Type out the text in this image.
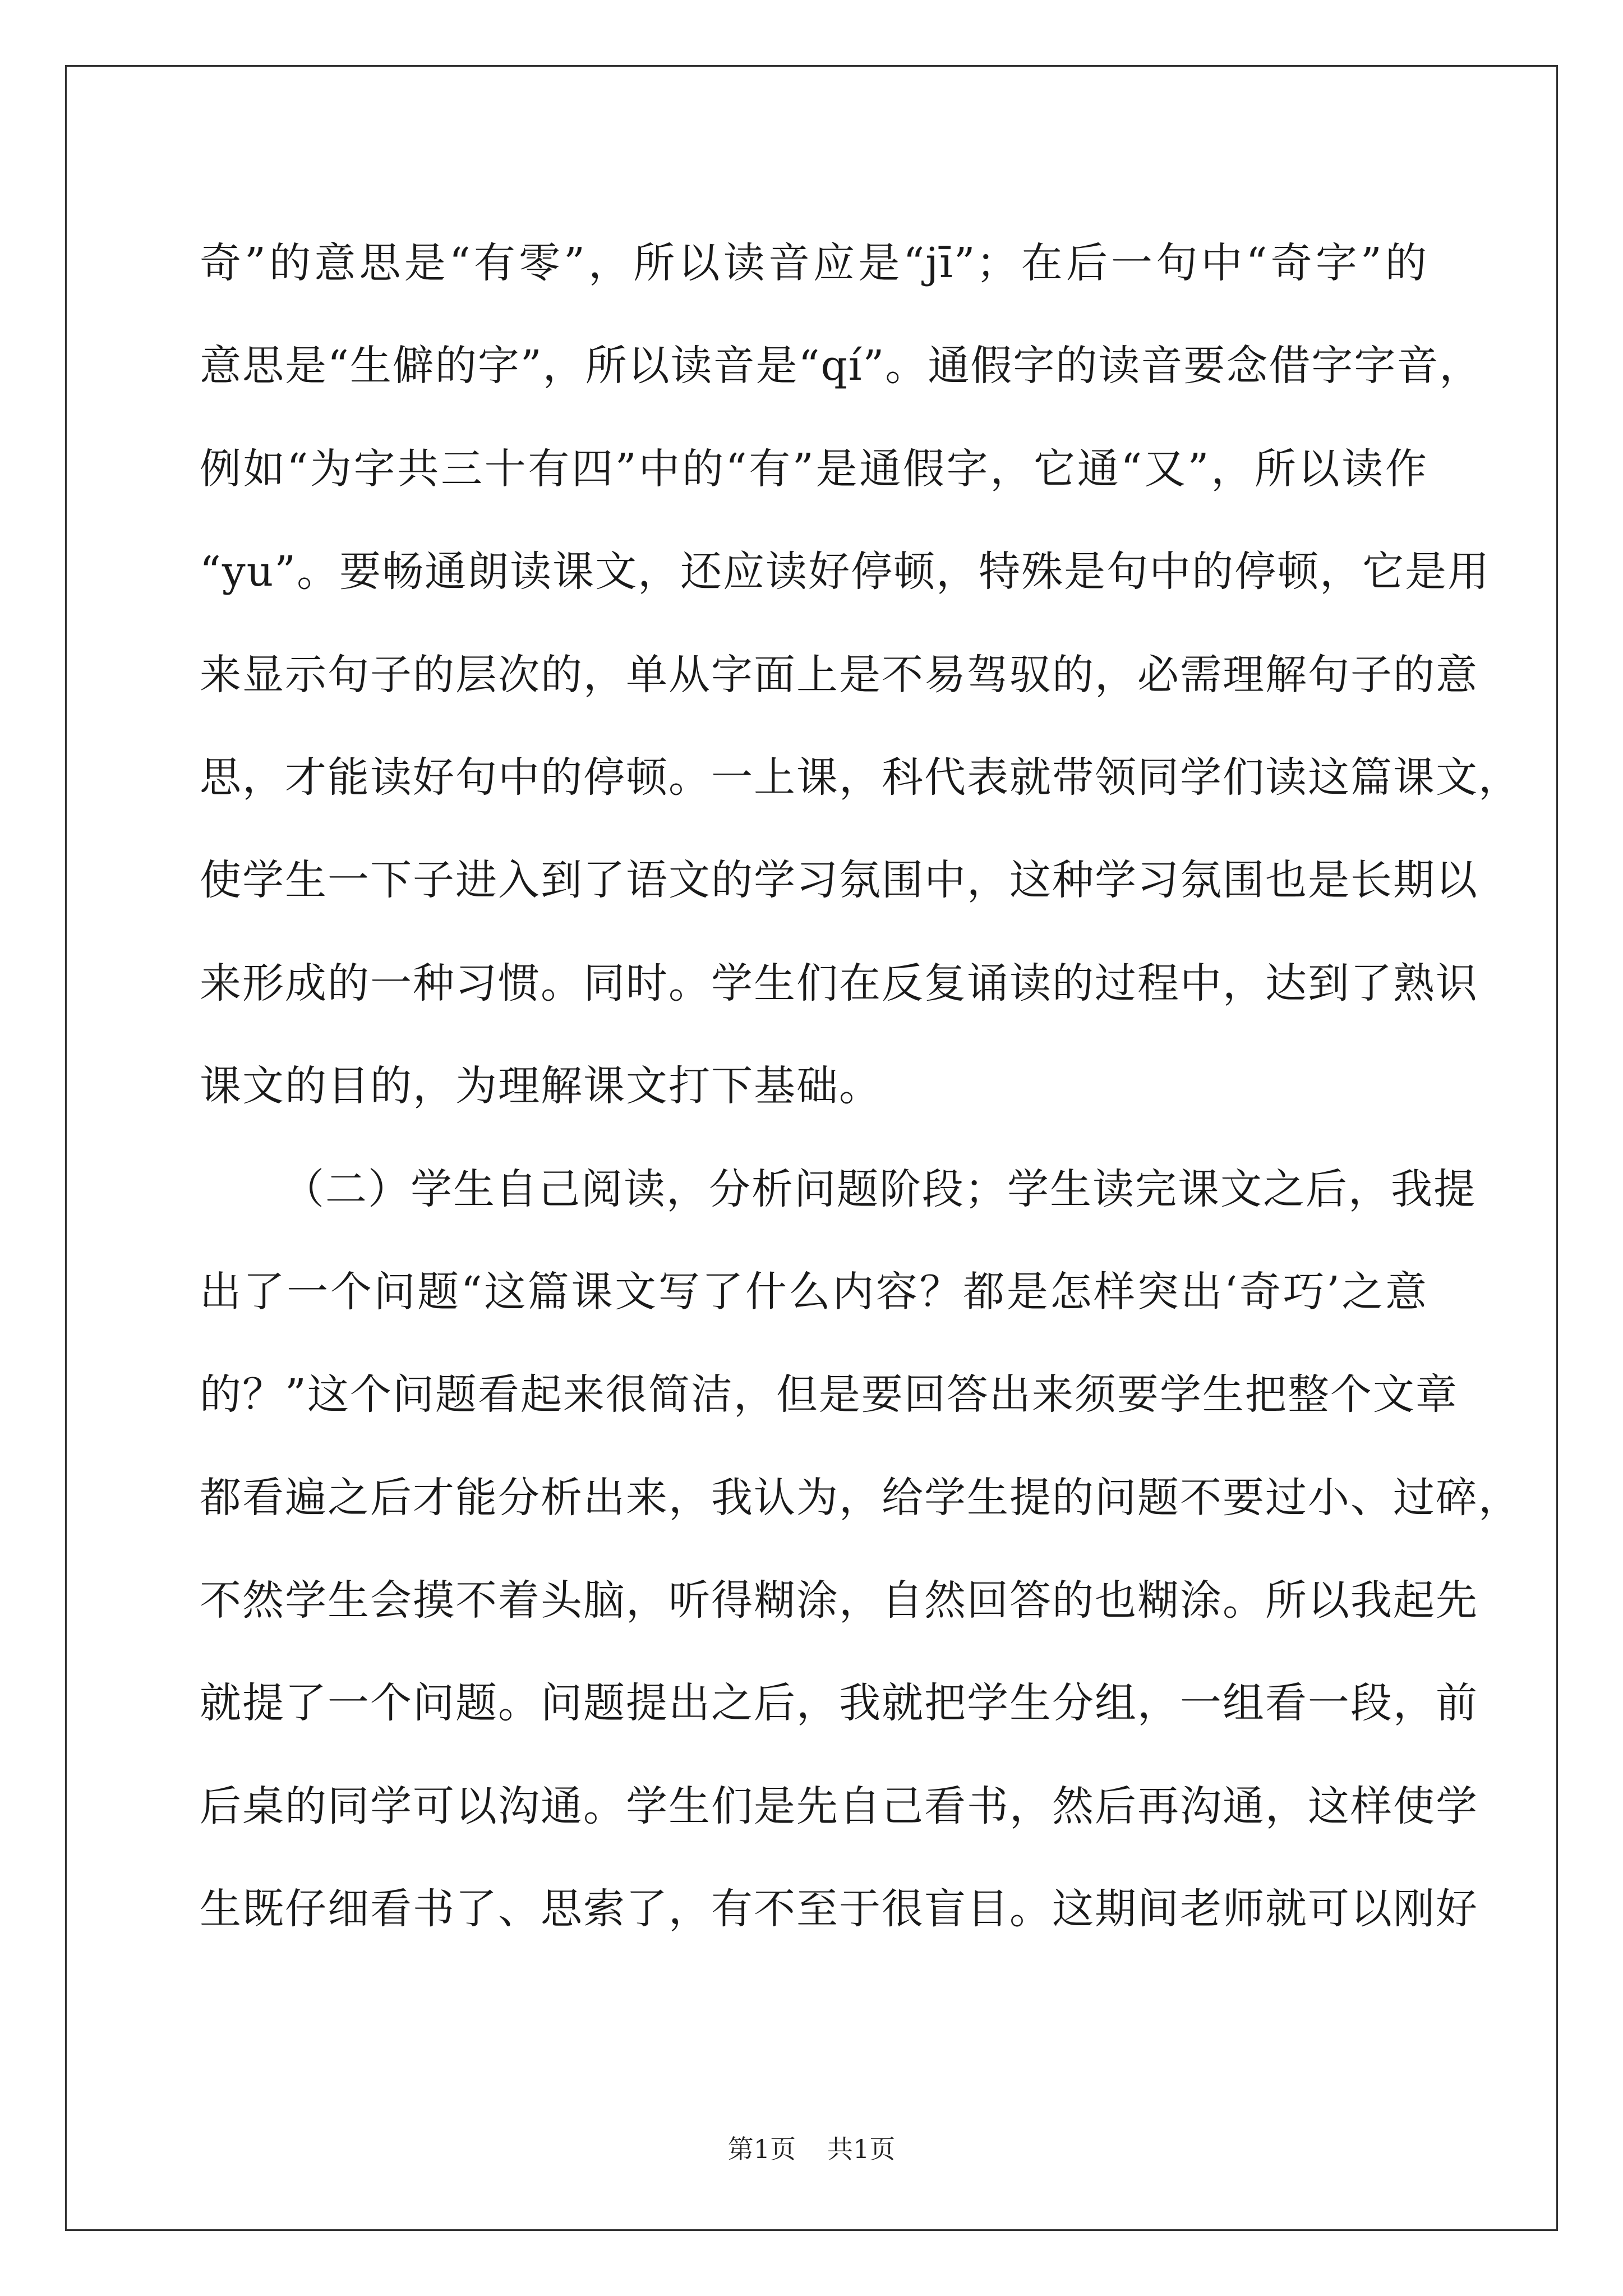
奇”的意思是“有零”，所以读音应是“jī”；在后一句中“奇字”的
意思是“生僻的字”，所以读音是“qí”。通假字的读音要念借字字音，
例如“为字共三十有四”中的“有”是通假字，它通“又”，所以读作
“yu”。要畅通朗读课文，还应读好停顿，特殊是句中的停顿，它是用
来显示句子的层次的，单从字面上是不易驾驭的，必需理解句子的意
思，才能读好句中的停顿。一上课，科代表就带领同学们读这篇课文，
使学生一下子进入到了语文的学习氛围中，这种学习氛围也是长期以
来形成的一种习惯。同时。学生们在反复诵读的过程中，达到了熟识
课文的目的，为理解课文打下基础。
（二）学生自己阅读，分析问题阶段；学生读完课文之后，我提
出了一个问题“这篇课文写了什么内容？都是怎样突出‘奇巧’之意
的？”这个问题看起来很简洁，但是要回答出来须要学生把整个文章
都看遍之后才能分析出来，我认为，给学生提的问题不要过小、过碎，
不然学生会摸不着头脑，听得糊涂，自然回答的也糊涂。所以我起先
就提了一个问题。问题提出之后，我就把学生分组，一组看一段，前
后桌的同学可以沟通。学生们是先自己看书，然后再沟通，这样使学
生既仔细看书了、思索了，有不至于很盲目。这期间老师就可以刚好
第1页 共1页
